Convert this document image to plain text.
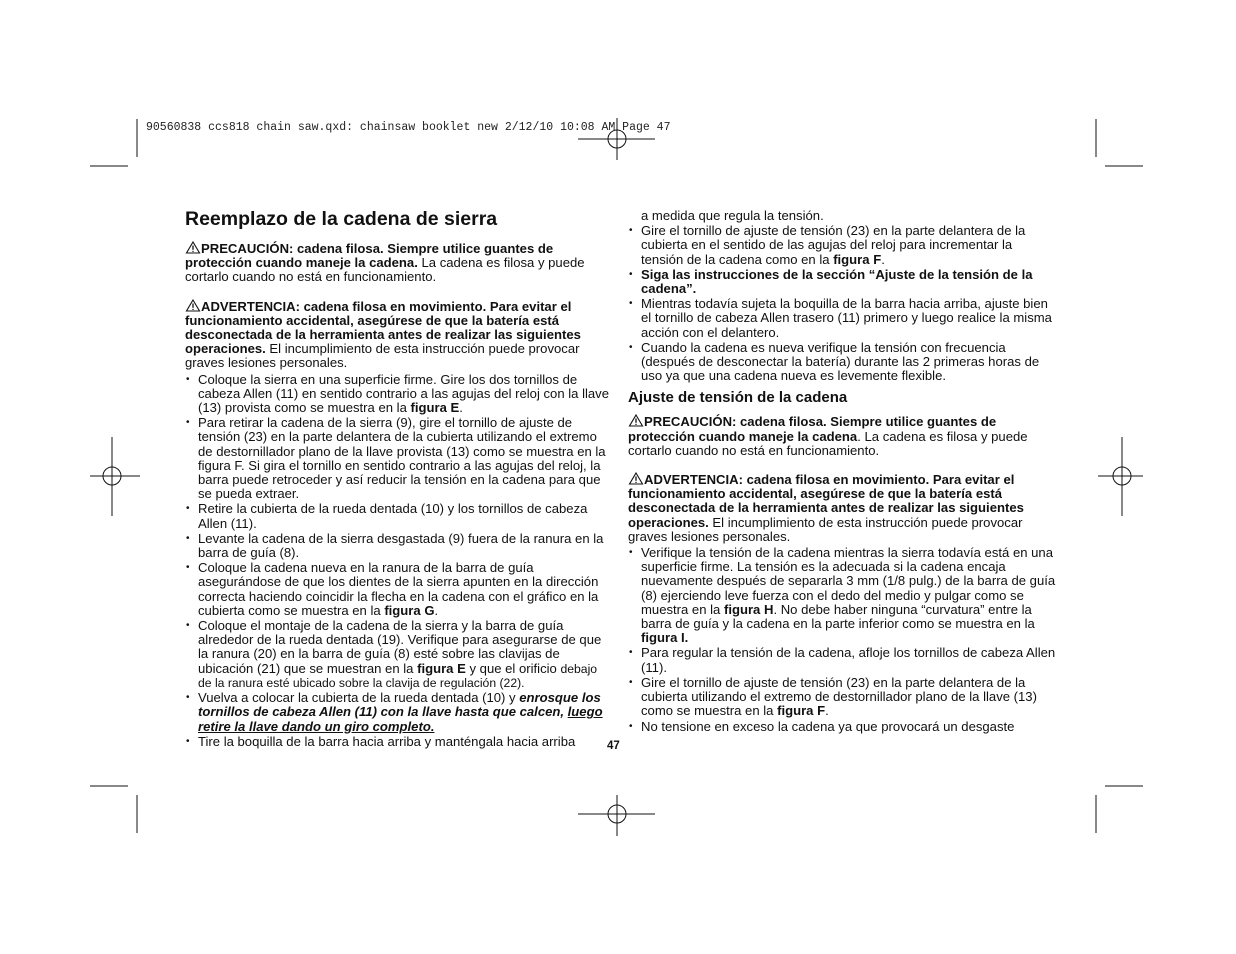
90560838 ccs818 chain saw.qxd: chainsaw booklet new 2/12/10 10:08 AM Page 47
Reemplazo de la cadena de sierra

PRECAUCIÓN: cadena filosa. Siempre utilice guantes de protección cuando maneje la cadena. La cadena es filosa y puede cortarlo cuando no está en funcionamiento.

ADVERTENCIA: cadena filosa en movimiento. Para evitar el funcionamiento accidental, asegúrese de que la batería está desconectada de la herramienta antes de realizar las siguientes operaciones. El incumplimiento de esta instrucción puede provocar graves lesiones personales.

• Coloque la sierra en una superficie firme. Gire los dos tornillos de cabeza Allen (11) en sentido contrario a las agujas del reloj con la llave (13) provista como se muestra en la figura E.
• Para retirar la cadena de la sierra (9), gire el tornillo de ajuste de tensión (23) en la parte delantera de la cubierta utilizando el extremo de destornillador plano de la llave provista (13) como se muestra en la figura F. Si gira el tornillo en sentido contrario a las agujas del reloj, la barra puede retroceder y así reducir la tensión en la cadena para que se pueda extraer.
• Retire la cubierta de la rueda dentada (10) y los tornillos de cabeza Allen (11).
• Levante la cadena de la sierra desgastada (9) fuera de la ranura en la barra de guía (8).
• Coloque la cadena nueva en la ranura de la barra de guía asegurándose de que los dientes de la sierra apunten en la dirección correcta haciendo coincidir la flecha en la cadena con el gráfico en la cubierta como se muestra en la figura G.
• Coloque el montaje de la cadena de la sierra y la barra de guía alrededor de la rueda dentada (19). Verifique para asegurarse de que la ranura (20) en la barra de guía (8) esté sobre las clavijas de ubicación (21) que se muestran en la figura E y que el orificio debajo de la ranura esté ubicado sobre la clavija de regulación (22).
• Vuelva a colocar la cubierta de la rueda dentada (10) y enrosque los tornillos de cabeza Allen (11) con la llave hasta que calcen, luego retire la llave dando un giro completo.
• Tire la boquilla de la barra hacia arriba y manténgala hacia arriba
a medida que regula la tensión.
• Gire el tornillo de ajuste de tensión (23) en la parte delantera de la cubierta en el sentido de las agujas del reloj para incrementar la tensión de la cadena como en la figura F.
• Siga las instrucciones de la sección “Ajuste de la tensión de la cadena”.
• Mientras todavía sujeta la boquilla de la barra hacia arriba, ajuste bien el tornillo de cabeza Allen trasero (11) primero y luego realice la misma acción con el delantero.
• Cuando la cadena es nueva verifique la tensión con frecuencia (después de desconectar la batería) durante las 2 primeras horas de uso ya que una cadena nueva es levemente flexible.
Ajuste de tensión de la cadena

PRECAUCIÓN: cadena filosa. Siempre utilice guantes de protección cuando maneje la cadena. La cadena es filosa y puede cortarlo cuando no está en funcionamiento.

ADVERTENCIA: cadena filosa en movimiento. Para evitar el funcionamiento accidental, asegúrese de que la batería está desconectada de la herramienta antes de realizar las siguientes operaciones. El incumplimiento de esta instrucción puede provocar graves lesiones personales.

• Verifique la tensión de la cadena mientras la sierra todavía está en una superficie firme. La tensión es la adecuada si la cadena encaja nuevamente después de separarla 3 mm (1/8 pulg.) de la barra de guía (8) ejerciendo leve fuerza con el dedo del medio y pulgar como se muestra en la figura H. No debe haber ninguna “curvatura” entre la barra de guía y la cadena en la parte inferior como se muestra en la figura I.
• Para regular la tensión de la cadena, afloje los tornillos de cabeza Allen (11).
• Gire el tornillo de ajuste de tensión (23) en la parte delantera de la cubierta utilizando el extremo de destornillador plano de la llave (13) como se muestra en la figura F.
• No tensione en exceso la cadena ya que provocará un desgaste
47
